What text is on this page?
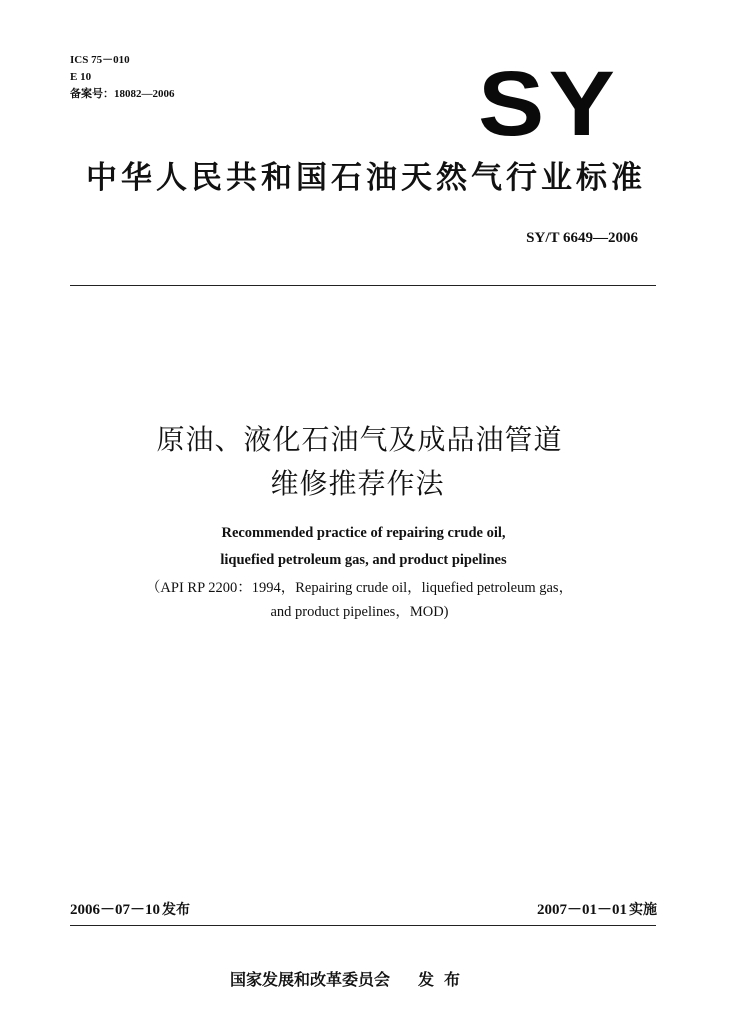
ICS 75－010
E 10
备案号：18082—2006	SY
中华人民共和国石油天然气行业标准
SY/T 6649—2006
原油、液化石油气及成品油管道
维修推荐作法
Recommended practice of repairing crude oil,
liquefied petroleum gas, and product pipelines
（API RP 2200：1994，Repairing crude oil，liquefied petroleum gas，
and product pipelines，MOD)
2006－07－10 发布	2007－01－01 实施
国家发展和改革委员会 发布
